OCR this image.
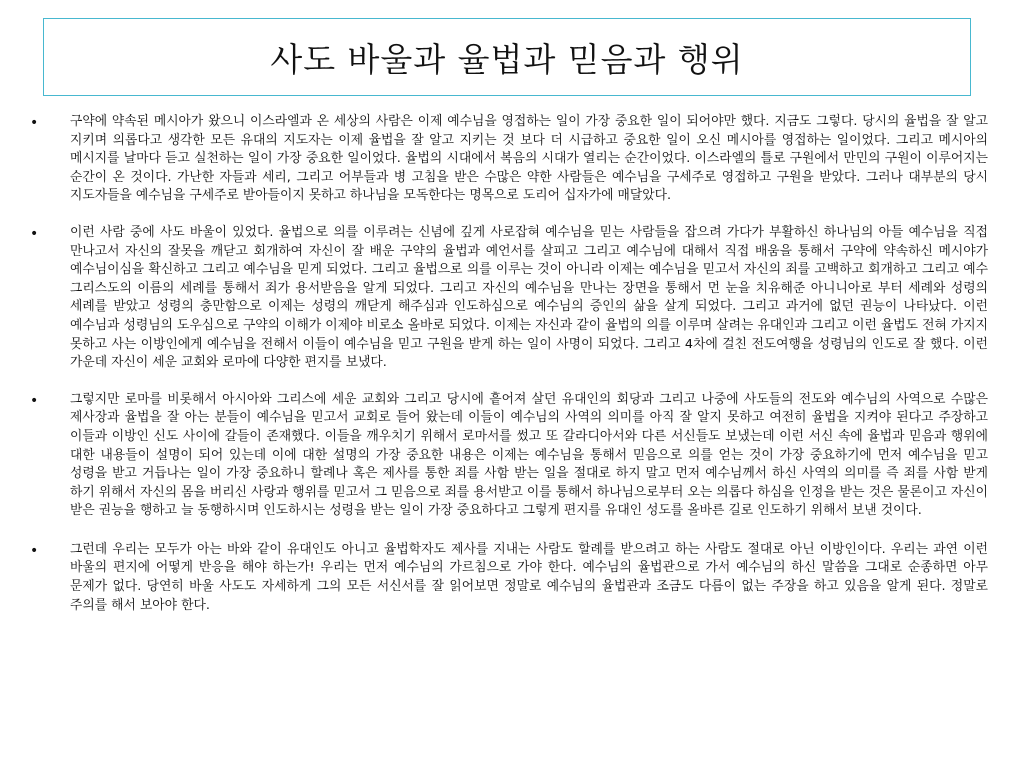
사도 바울과 율법과 믿음과 행위
• 구약에 약속된 메시아가 왔으니 이스라엘과 온 세상의 사람은 이제 예수님을 영접하는 일이 가장 중요한 일이 되어야만 했다. 지금도 그렇다. 당시의 율법을 잘 알고 지키며 의롭다고 생각한 모든 유대의 지도자는 이제 율법을 잘 알고 지키는 것 보다 더 시급하고 중요한 일이 오신 메시아를 영접하는 일이었다. 그리고 메시아의 메시지를 날마다 듣고 실천하는 일이 가장 중요한 일이었다. 율법의 시대에서 복음의 시대가 열리는 순간이었다. 이스라엘의 틀로 구원에서 만민의 구원이 이루어지는 순간이 온 것이다. 가난한 자들과 세리, 그리고 어부들과 병 고침을 받은 수많은 약한 사람들은 예수님을 구세주로 영접하고 구원을 받았다. 그러나 대부분의 당시 지도자들을 예수님을 구세주로 받아들이지 못하고 하나님을 모독한다는 명목으로 도리어 십자가에 매달았다.

• 이런 사람 중에 사도 바울이 있었다. 율법으로 의를 이루려는 신념에 깊게 사로잡혀 예수님을 믿는 사람들을 잡으려 가다가 부활하신 하나님의 아들 예수님을 직접 만나고서 자신의 잘못을 깨닫고 회개하여 자신이 잘 배운 구약의 율법과 예언서를 살피고 그리고 예수님에 대해서 직접 배움을 통해서 구약에 약속하신 메시야가 예수님이심을 확신하고 그리고 예수님을 믿게 되었다. 그리고 율법으로 의를 이루는 것이 아니라 이제는 예수님을 믿고서 자신의 죄를 고백하고 회개하고 그리고 예수 그리스도의 이름의 세례를 통해서 죄가 용서받음을 알게 되었다. 그리고 자신의 예수님을 만나는 장면을 통해서 먼 눈을 치유해준 아니니아로 부터 세례와 성령의 세례를 받았고 성령의 충만함으로 이제는 성령의 깨닫게 해주심과 인도하심으로 예수님의 증인의 삶을 살게 되었다. 그리고 과거에 없던 권능이 나타났다. 이런 예수님과 성령님의 도우심으로 구약의 이해가 이제야 비로소 올바로 되었다. 이제는 자신과 같이 율법의 의를 이루며 살려는 유대인과 그리고 이런 율법도 전혀 가지지 못하고 사는 이방인에게 예수님을 전해서 이들이 예수님을 믿고 구원을 받게 하는 일이 사명이 되었다. 그리고 4차에 걸친 전도여행을 성령님의 인도로 잘 했다. 이런 가운데 자신이 세운 교회와 로마에 다양한 편지를 보냈다.

• 그렇지만 로마를 비롯해서 아시아와 그리스에 세운 교회와 그리고 당시에 흩어져 살던 유대인의 회당과 그리고 나중에 사도들의 전도와 예수님의 사역으로 수많은 제사장과 율법을 잘 아는 분들이 예수님을 믿고서 교회로 들어 왔는데 이들이 예수님의 사역의 의미를 아직 잘 알지 못하고 여전히 율법을 지켜야 된다고 주장하고 이들과 이방인 신도 사이에 갈들이 존재했다. 이들을 깨우치기 위해서 로마서를 썼고 또 갈라디아서와 다른 서신들도 보냈는데 이런 서신 속에 율법과 믿음과 행위에 대한 내용들이 설명이 되어 있는데 이에 대한 설명의 가장 중요한 내용은 이제는 예수님을 통해서 믿음으로 의를 얻는 것이 가장 중요하기에 먼저 예수님을 믿고 성령을 받고 거듭나는 일이 가장 중요하니 할례나 혹은 제사를 통한 죄를 사함 받는 일을 절대로 하지 말고 먼저 예수님께서 하신 사역의 의미를 즉 죄를 사함 받게 하기 위해서 자신의 몸을 버리신 사랑과 행위를 믿고서 그 믿음으로 죄를 용서받고 이를 통해서 하나님으로부터 오는 의롭다 하심을 인정을 받는 것은 물론이고 자신이 받은 권능을 행하고 늘 동행하시며 인도하시는 성령을 받는 일이 가장 중요하다고 그렇게 편지를 유대인 성도를 올바른 길로 인도하기 위해서 보낸 것이다.

• 그런데 우리는 모두가 아는 바와 같이 유대인도 아니고 율법학자도 제사를 지내는 사람도 할례를 받으려고 하는 사람도 절대로 아닌 이방인이다. 우리는 과연 이런 바울의 편지에 어떻게 반응을 해야 하는가! 우리는 먼저 예수님의 가르침으로 가야 한다. 예수님의 율법관으로 가서 예수님의 하신 말씀을 그대로 순종하면 아무 문제가 없다. 당연히 바울 사도도 자세하게 그의 모든 서신서를 잘 읽어보면 정말로 예수님의 율법관과 조금도 다름이 없는 주장을 하고 있음을 알게 된다. 정말로 주의를 해서 보아야 한다.
